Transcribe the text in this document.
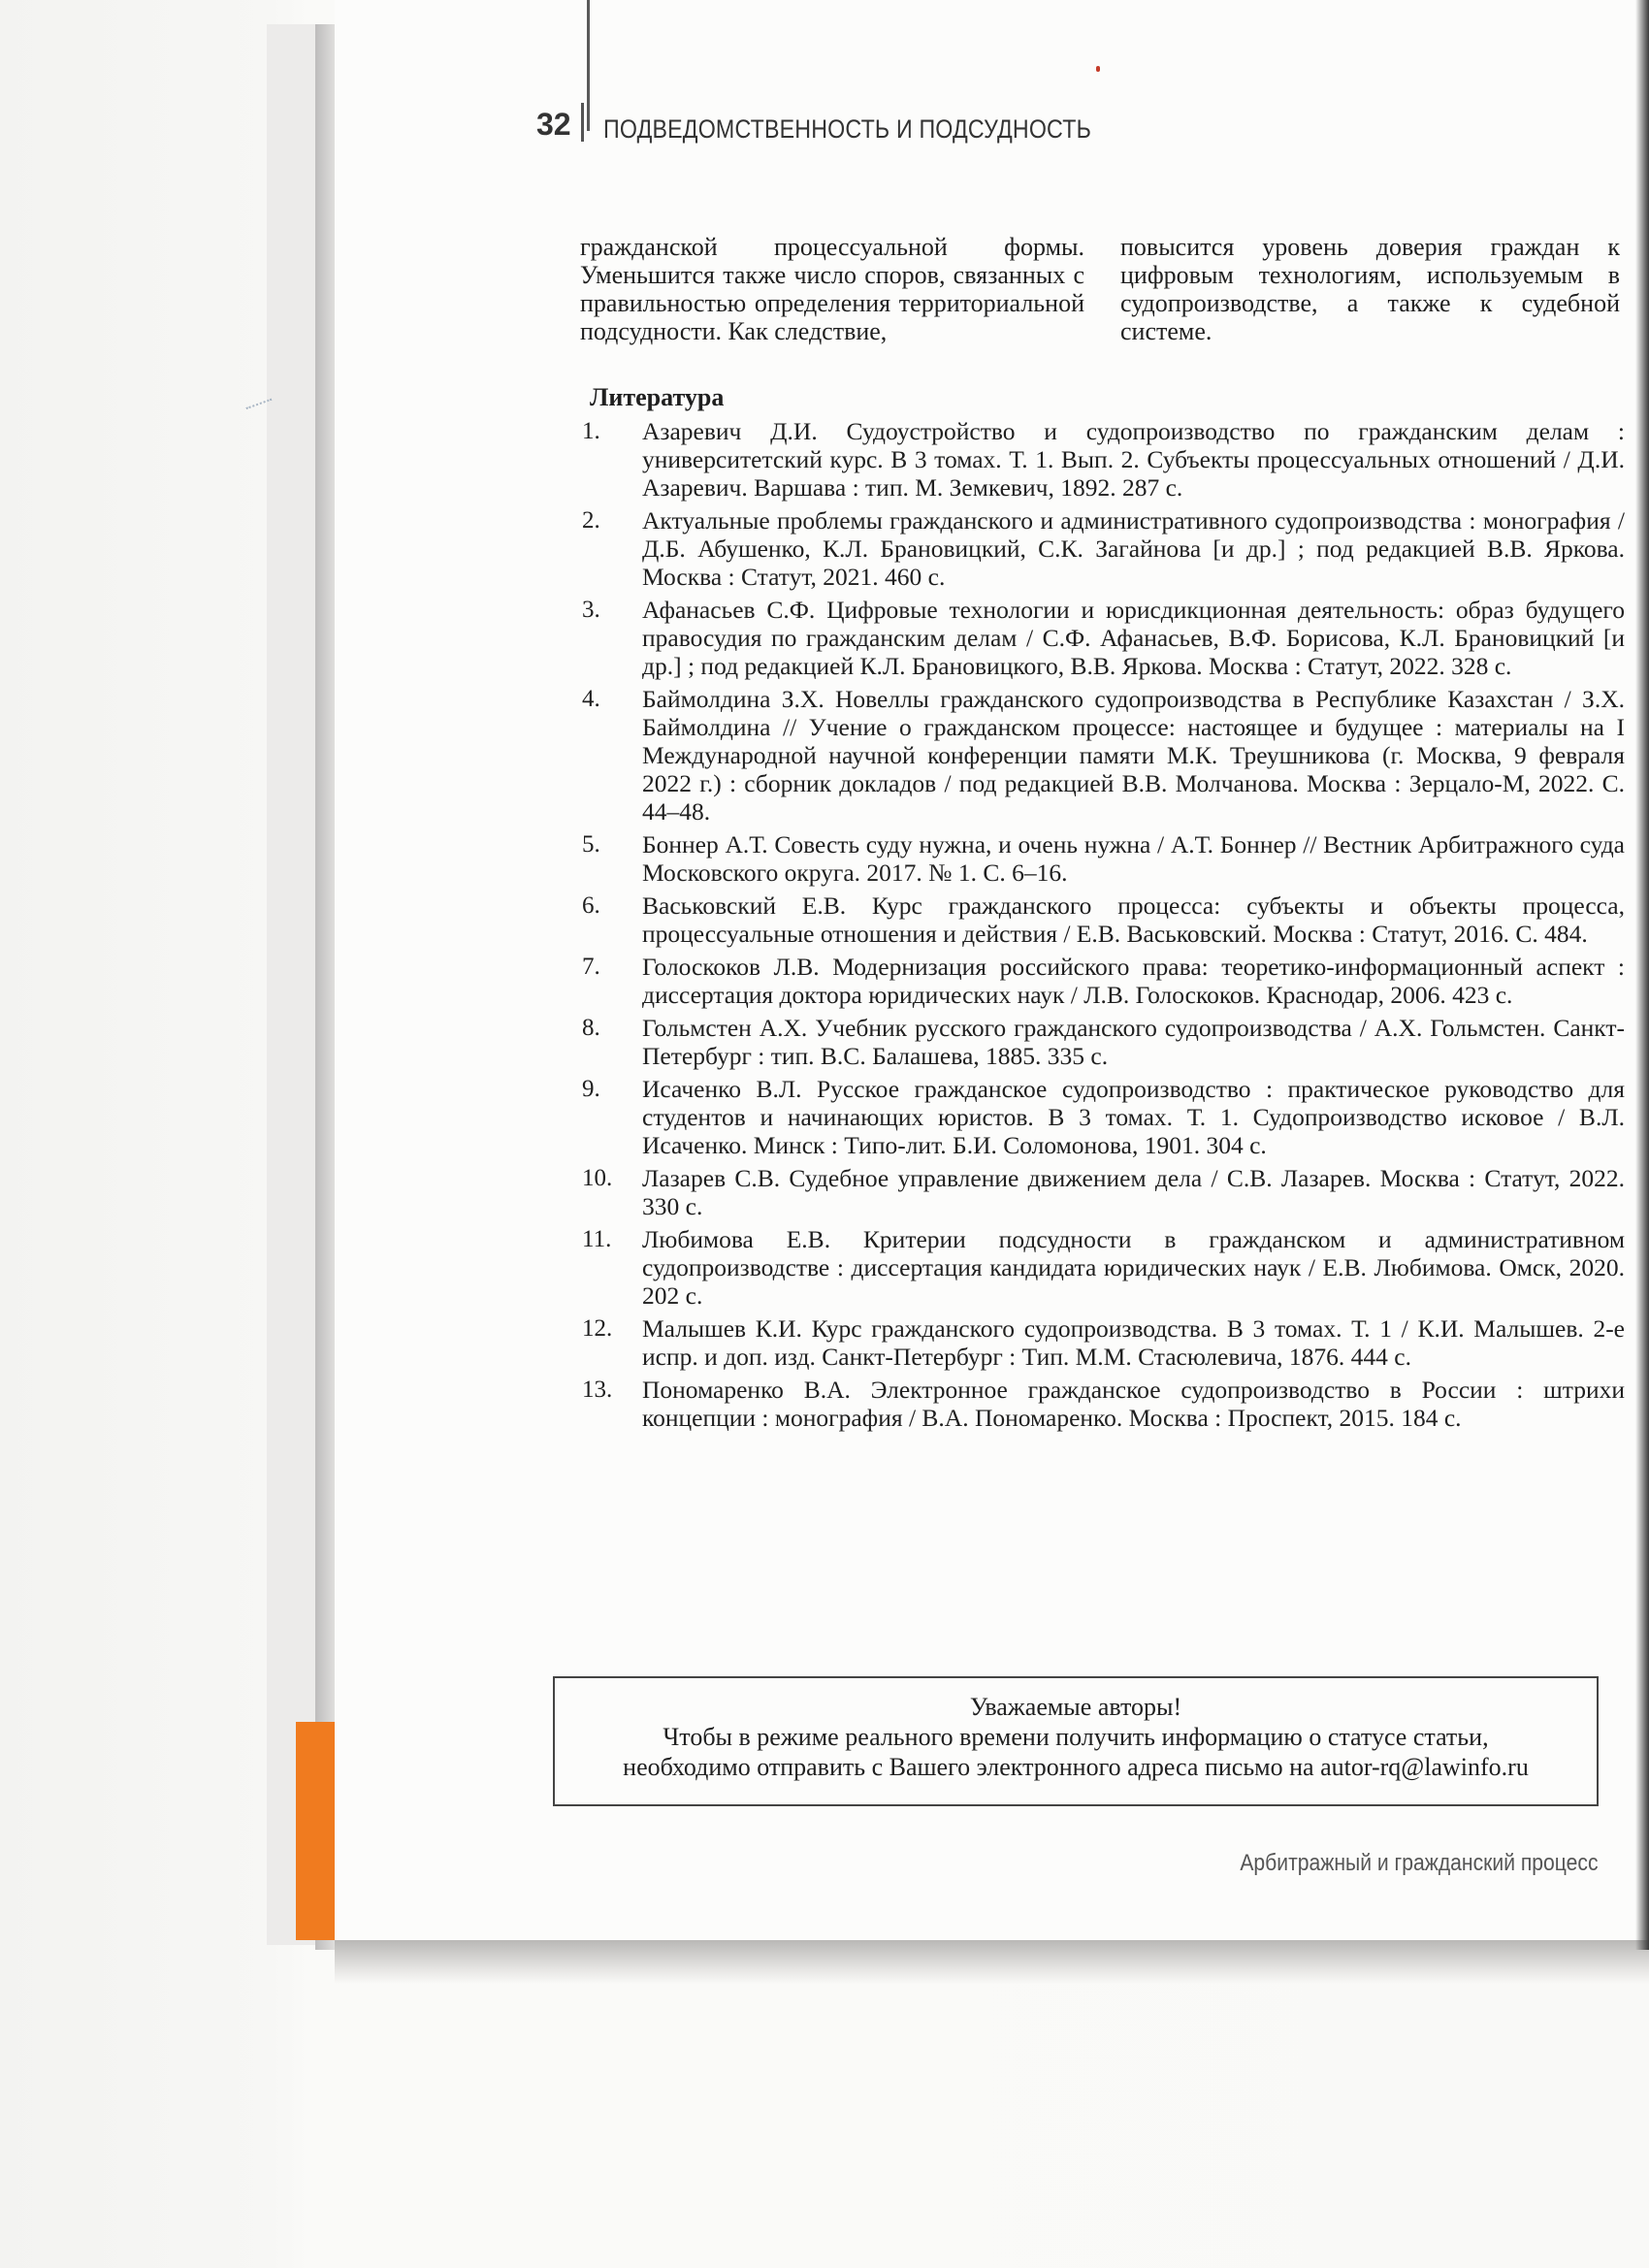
32 ПОДВЕДОМСТВЕННОСТЬ И ПОДСУДНОСТЬ
гражданской процессуальной формы. Уменьшится также число споров, связанных с правильностью определения территориальной подсудности. Как следствие,
повысится уровень доверия граждан к цифровым технологиям, используемым в судопроизводстве, а также к судебной системе.
Литература
1. Азаревич Д.И. Судоустройство и судопроизводство по гражданским делам : университетский курс. В 3 томах. Т. 1. Вып. 2. Субъекты процессуальных отношений / Д.И. Азаревич. Варшава : тип. М. Земкевич, 1892. 287 с.
2. Актуальные проблемы гражданского и административного судопроизводства : монография / Д.Б. Абушенко, К.Л. Брановицкий, С.К. Загайнова [и др.] ; под редакцией В.В. Яркова. Москва : Статут, 2021. 460 с.
3. Афанасьев С.Ф. Цифровые технологии и юрисдикционная деятельность: образ будущего правосудия по гражданским делам / С.Ф. Афанасьев, В.Ф. Борисова, К.Л. Брановицкий [и др.] ; под редакцией К.Л. Брановицкого, В.В. Яркова. Москва : Статут, 2022. 328 с.
4. Баймолдина З.Х. Новеллы гражданского судопроизводства в Республике Казахстан / З.Х. Баймолдина // Учение о гражданском процессе: настоящее и будущее : материалы на I Международной научной конференции памяти М.К. Треушникова (г. Москва, 9 февраля 2022 г.) : сборник докладов / под редакцией В.В. Молчанова. Москва : Зерцало-М, 2022. С. 44–48.
5. Боннер А.Т. Совесть суду нужна, и очень нужна / А.Т. Боннер // Вестник Арбитражного суда Московского округа. 2017. № 1. С. 6–16.
6. Васьковский Е.В. Курс гражданского процесса: субъекты и объекты процесса, процессуальные отношения и действия / Е.В. Васьковский. Москва : Статут, 2016. С. 484.
7. Голоскоков Л.В. Модернизация российского права: теоретико-информационный аспект : диссертация доктора юридических наук / Л.В. Голоскоков. Краснодар, 2006. 423 с.
8. Гольмстен А.Х. Учебник русского гражданского судопроизводства / А.Х. Гольмстен. Санкт-Петербург : тип. В.С. Балашева, 1885. 335 с.
9. Исаченко В.Л. Русское гражданское судопроизводство : практическое руководство для студентов и начинающих юристов. В 3 томах. Т. 1. Судопроизводство исковое / В.Л. Исаченко. Минск : Типо-лит. Б.И. Соломонова, 1901. 304 с.
10. Лазарев С.В. Судебное управление движением дела / С.В. Лазарев. Москва : Статут, 2022. 330 с.
11. Любимова Е.В. Критерии подсудности в гражданском и административном судопроизводстве : диссертация кандидата юридических наук / Е.В. Любимова. Омск, 2020. 202 с.
12. Малышев К.И. Курс гражданского судопроизводства. В 3 томах. Т. 1 / К.И. Малышев. 2-е испр. и доп. изд. Санкт-Петербург : Тип. М.М. Стасюлевича, 1876. 444 с.
13. Пономаренко В.А. Электронное гражданское судопроизводство в России : штрихи концепции : монография / В.А. Пономаренко. Москва : Проспект, 2015. 184 с.
Уважаемые авторы!
Чтобы в режиме реального времени получить информацию о статусе статьи,
необходимо отправить с Вашего электронного адреса письмо на autor-rq@lawinfo.ru
Арбитражный и гражданский процесс
